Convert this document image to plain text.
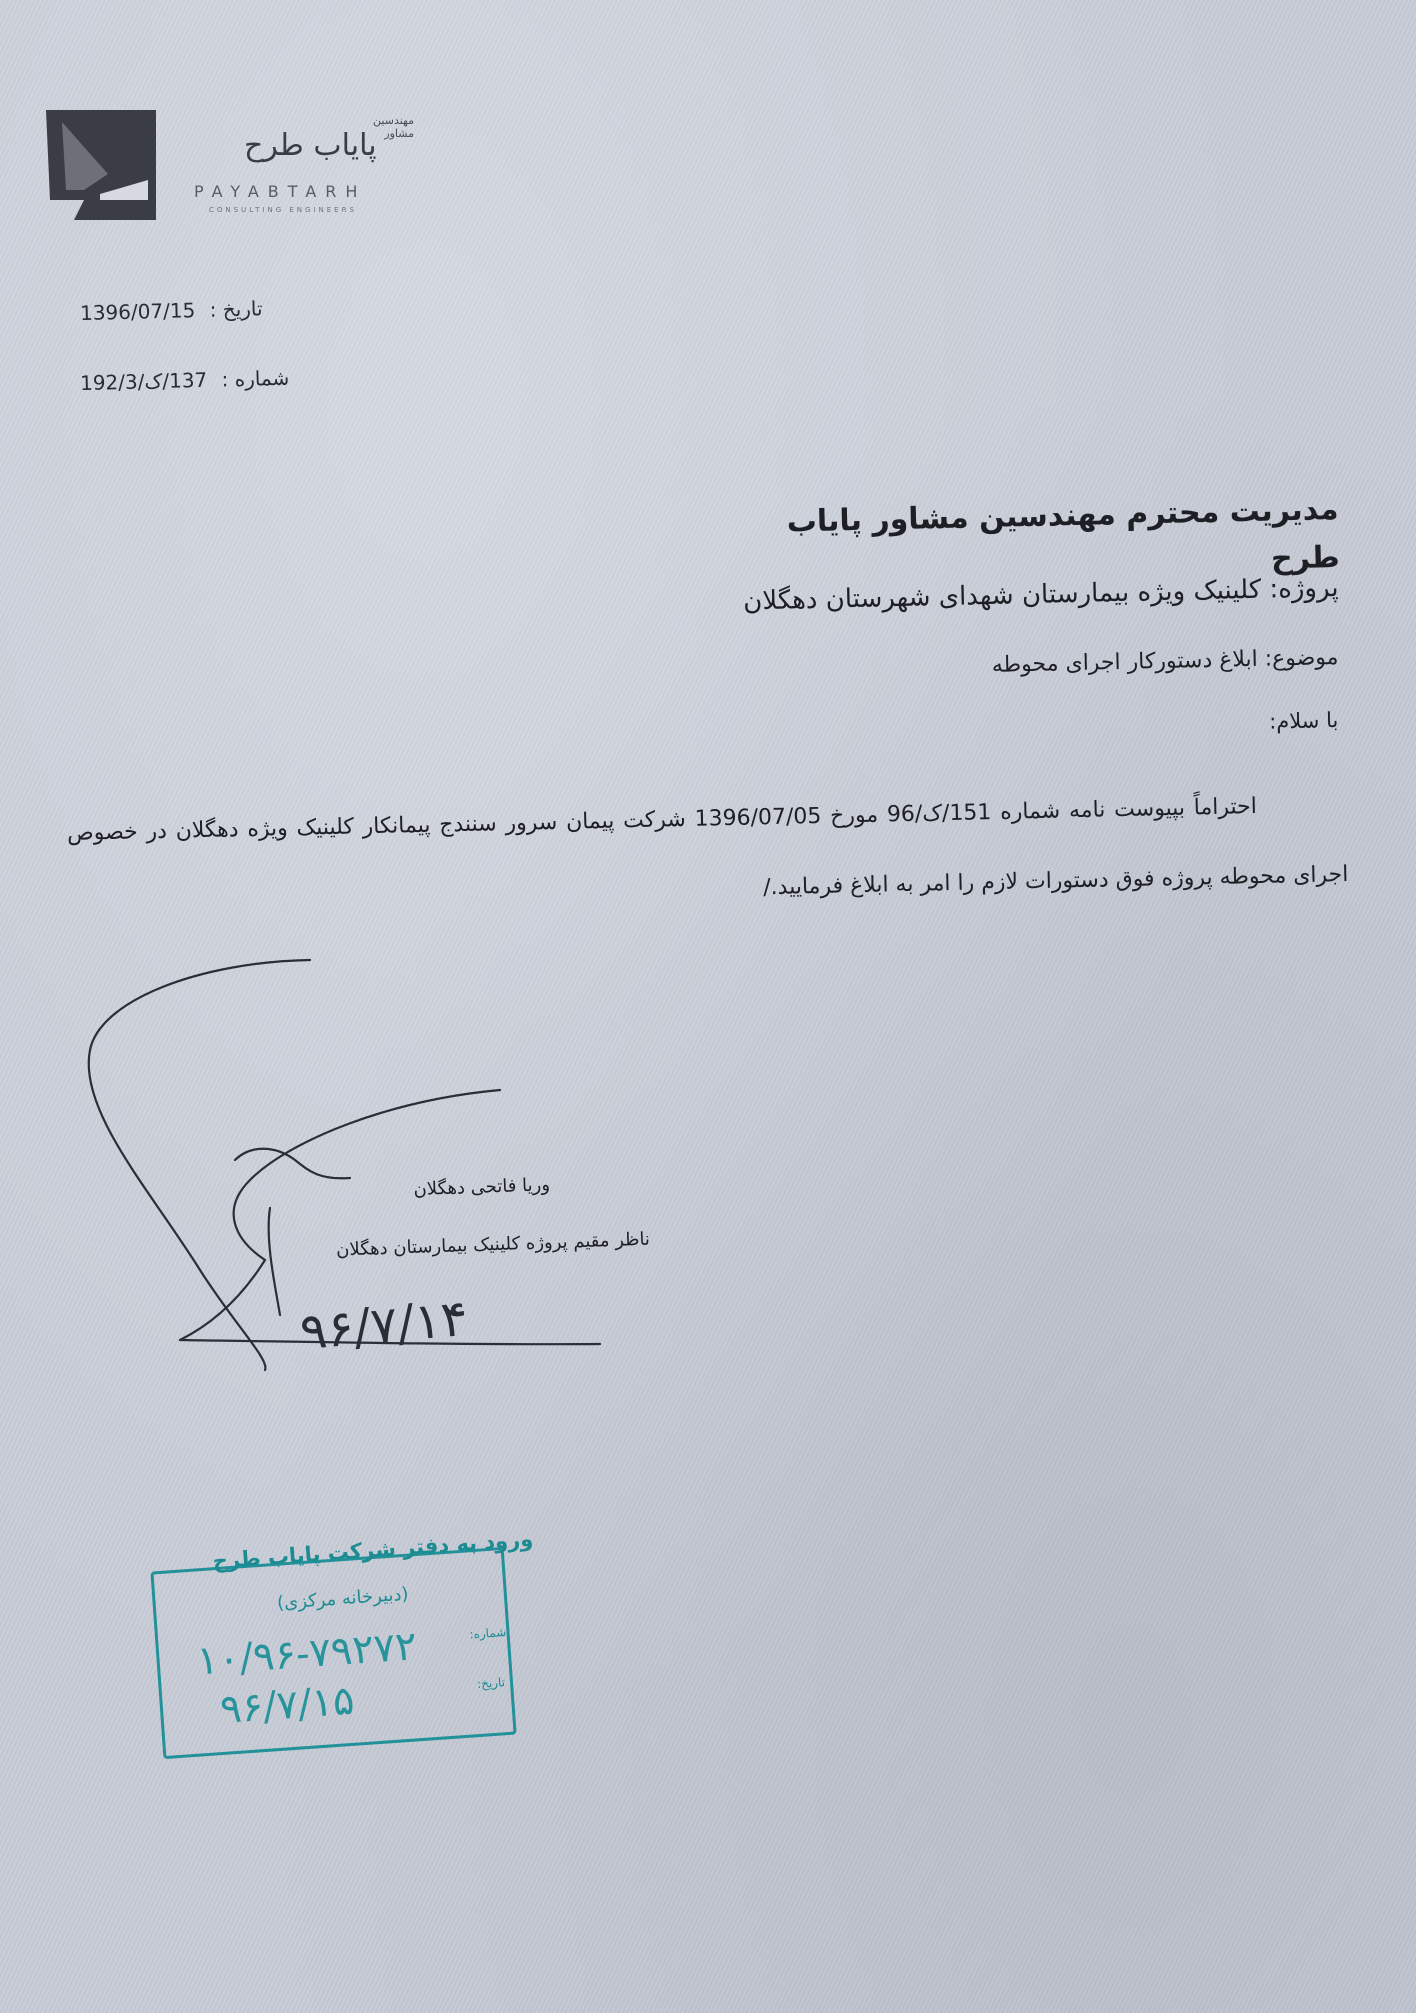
مهندسین مشاور
پایاب طرح
PAYABTARH
CONSULTING ENGINEERS
تاریخ : 1396/07/15
شماره : 137/ک/192/3
مدیریت محترم مهندسین مشاور پایاب طرح
پروژه: کلینیک ویژه بیمارستان شهدای شهرستان دهگلان
موضوع: ابلاغ دستورکار اجرای محوطه
با سلام:
احتراماً بپیوست نامه شماره 151/ک/96 مورخ 1396/07/05 شرکت پیمان سرور سنندج پیمانکار کلینیک ویژه دهگلان در خصوص اجرای محوطه پروژه فوق دستورات لازم را امر به ابلاغ فرمایید./
وریا فاتحی دهگلان
ناظر مقیم پروژه کلینیک بیمارستان دهگلان
۹۶/۷/۱۴
ورود به دفتر شرکت پایاب طرح
(دبیرخانه مرکزی)
شماره:
۱۰/۹۶-۷۹۲۷۲	تاریخ:
۹۶/۷/۱۵
